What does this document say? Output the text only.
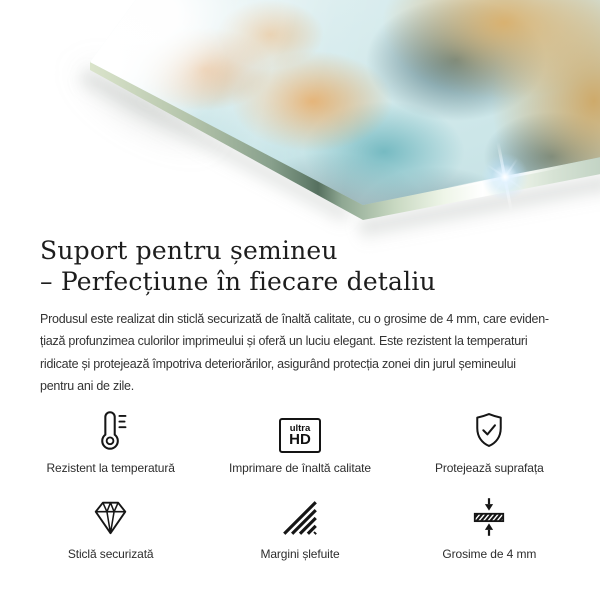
Suport pentru șemineu
– Perfecțiune în fiecare detaliu
Produsul este realizat din sticlă securizată de înaltă calitate, cu o grosime de 4 mm, care eviden-
țiază profunzimea culorilor imprimeului și oferă un luciu elegant. Este rezistent la temperaturi
ridicate și protejează împotriva deteriorărilor, asigurând protecția zonei din jurul șemineului
pentru ani de zile.
Rezistent la temperatură
ultra
HD
Imprimare de înaltă calitate	Protejează suprafața
Sticlă securizată	Margini șlefuite	Grosime de 4 mm
